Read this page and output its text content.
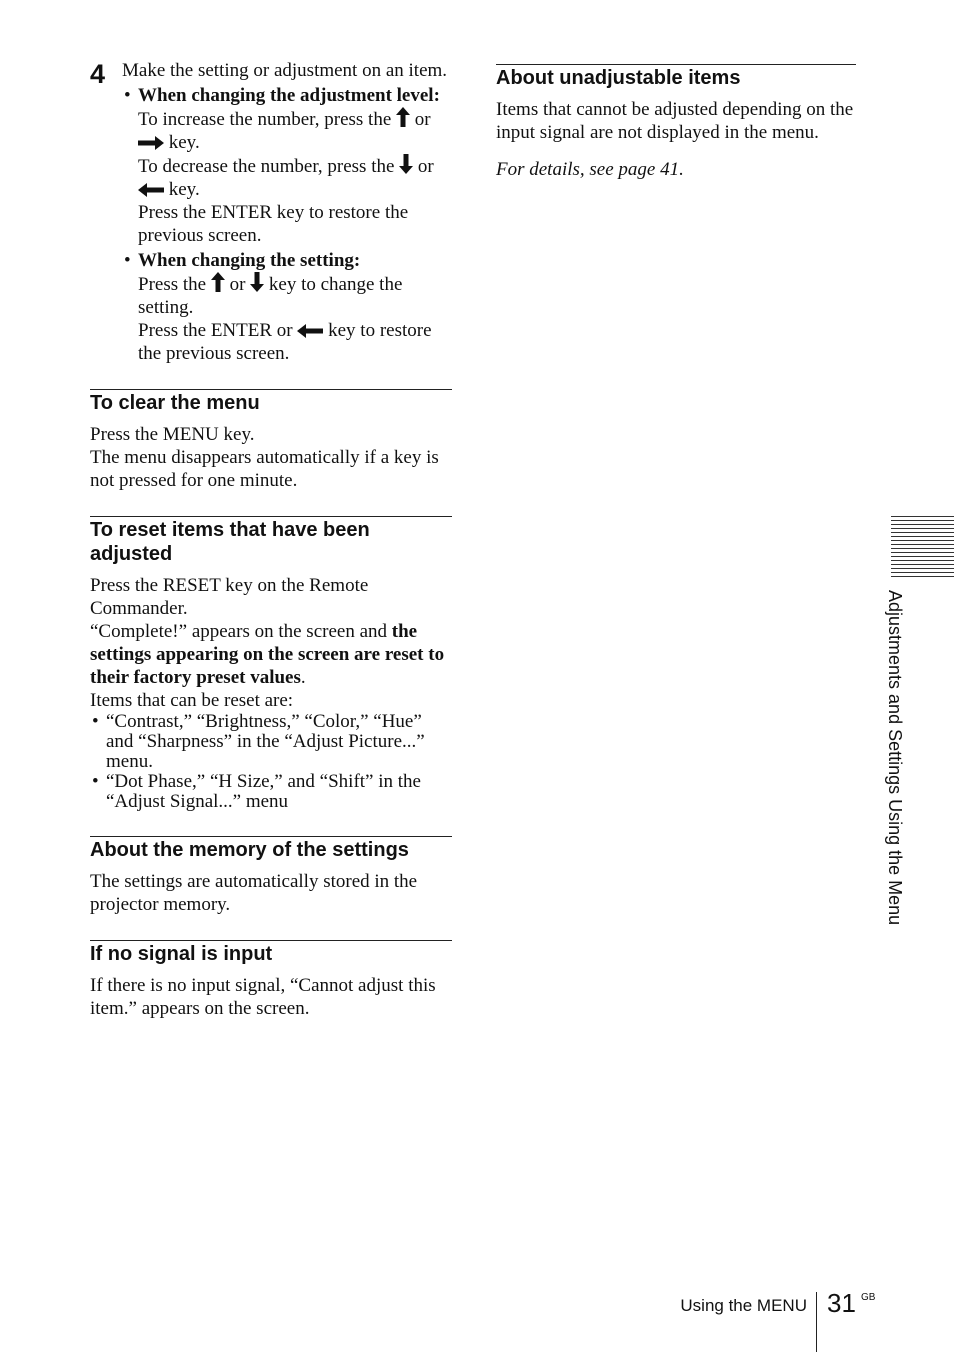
4 Make the setting or adjustment on an item.
• When changing the adjustment level:
To increase the number, press the or  key.
To decrease the number, press the or  key.
Press the ENTER key to restore the previous screen.
• When changing the setting:
Press the or key to change the setting.
Press the ENTER or key to restore the previous screen.
To clear the menu

Press the MENU key.

The menu disappears automatically if a key is not pressed for one minute.

To reset items that have been adjusted

Press the RESET key on the Remote Commander.

“Complete!” appears on the screen and the settings appearing on the screen are reset to their factory preset values.

Items that can be reset are:

• “Contrast,” “Brightness,” “Color,” “Hue” and “Sharpness” in the “Adjust Picture...” menu.
• “Dot Phase,” “H Size,” and “Shift” in the “Adjust Signal...” menu
About the memory of the settings

The settings are automatically stored in the projector memory.

If no signal is input

If there is no input signal, “Cannot adjust this item.” appears on the screen.

About unadjustable items

Items that cannot be adjusted depending on the input signal are not displayed in the menu.

For details, see page 41.

Adjustments and Settings Using the Menu
Using the MENU 31 GB
